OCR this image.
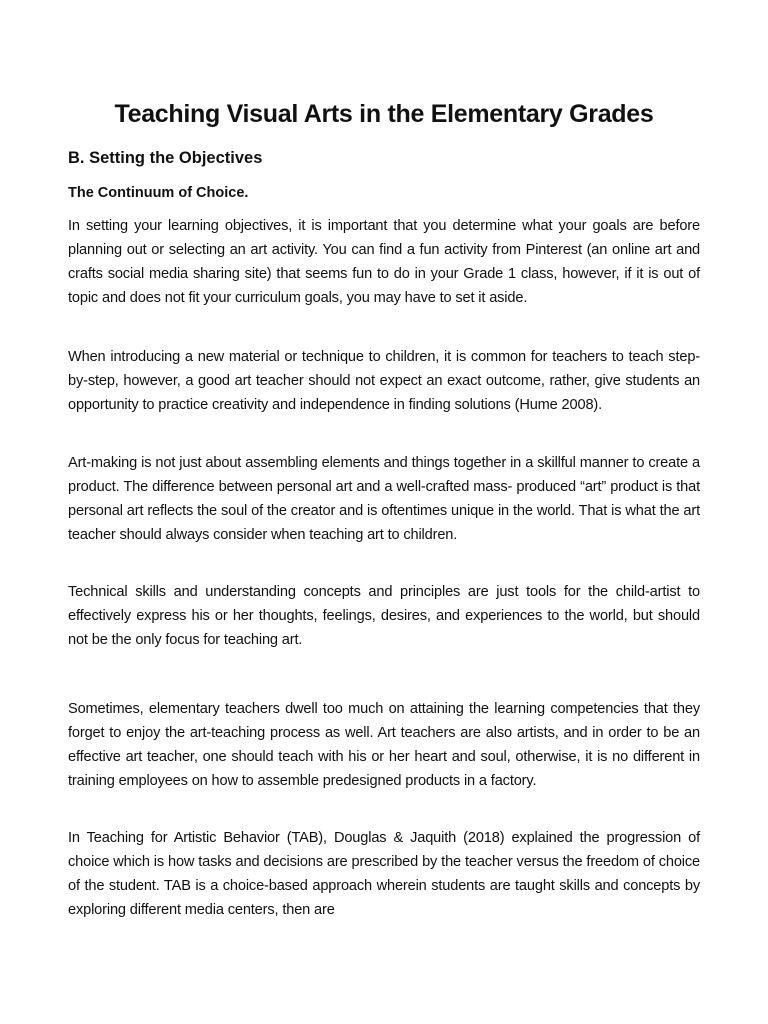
Teaching Visual Arts in the Elementary Grades
B. Setting the Objectives
The Continuum of Choice.

In setting your learning objectives, it is important that you determine what your goals are before planning out or selecting an art activity. You can find a fun activity from Pinterest (an online art and crafts social media sharing site) that seems fun to do in your Grade 1 class, however, if it is out of topic and does not fit your curriculum goals, you may have to set it aside.

When introducing a new material or technique to children, it is common for teachers to teach step-by-step, however, a good art teacher should not expect an exact outcome, rather, give students an opportunity to practice creativity and independence in finding solutions (Hume 2008).

Art-making is not just about assembling elements and things together in a skillful manner to create a product. The difference between personal art and a well-crafted mass- produced “art” product is that personal art reflects the soul of the creator and is oftentimes unique in the world. That is what the art teacher should always consider when teaching art to children.

Technical skills and understanding concepts and principles are just tools for the child-artist to effectively express his or her thoughts, feelings, desires, and experiences to the world, but should not be the only focus for teaching art.

Sometimes, elementary teachers dwell too much on attaining the learning competencies that they forget to enjoy the art-teaching process as well. Art teachers are also artists, and in order to be an effective art teacher, one should teach with his or her heart and soul, otherwise, it is no different in training employees on how to assemble predesigned products in a factory.

In Teaching for Artistic Behavior (TAB), Douglas & Jaquith (2018) explained the progression of choice which is how tasks and decisions are prescribed by the teacher versus the freedom of choice of the student. TAB is a choice-based approach wherein students are taught skills and concepts by exploring different media centers, then are
